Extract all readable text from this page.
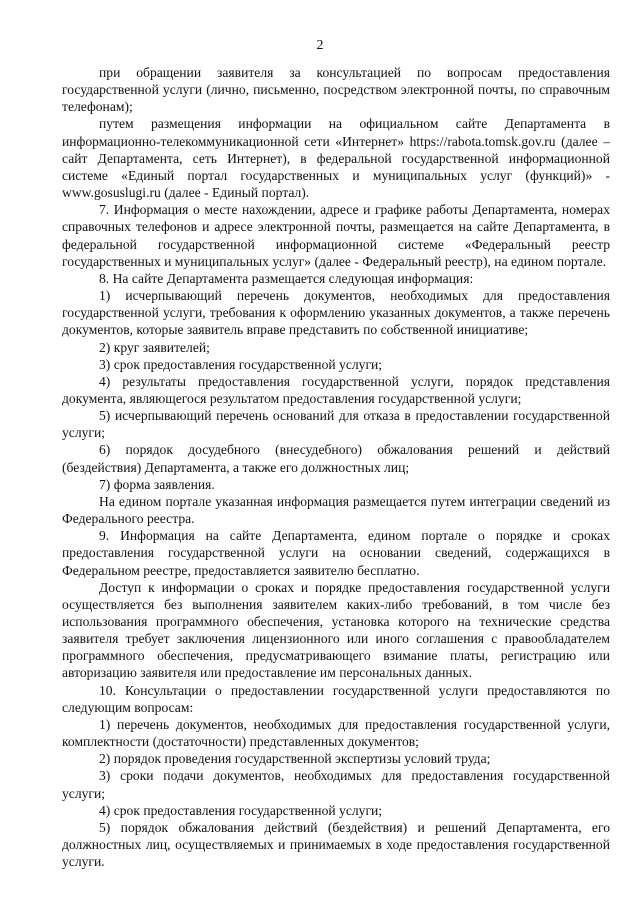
2

при обращении заявителя за консультацией по вопросам предоставления государственной услуги (лично, письменно, посредством электронной почты, по справочным телефонам);

путем размещения информации на официальном сайте Департамента в информационно-телекоммуникационной сети «Интернет» https://rabota.tomsk.gov.ru (далее – сайт Департамента, сеть Интернет), в федеральной государственной информационной системе «Единый портал государственных и муниципальных услуг (функций)» - www.gosuslugi.ru (далее - Единый портал).

7. Информация о месте нахождении, адресе и графике работы Департамента, номерах справочных телефонов и адресе электронной почты, размещается на сайте Департамента, в федеральной государственной информационной системе «Федеральный реестр государственных и муниципальных услуг» (далее - Федеральный реестр), на едином портале.

8. На сайте Департамента размещается следующая информация:

1) исчерпывающий перечень документов, необходимых для предоставления государственной услуги, требования к оформлению указанных документов, а также перечень документов, которые заявитель вправе представить по собственной инициативе;

2) круг заявителей;

3) срок предоставления государственной услуги;

4) результаты предоставления государственной услуги, порядок представления документа, являющегося результатом предоставления государственной услуги;

5) исчерпывающий перечень оснований для отказа в предоставлении государственной услуги;

6) порядок досудебного (внесудебного) обжалования решений и действий (бездействия) Департамента, а также его должностных лиц;

7) форма заявления.

На едином портале указанная информация размещается путем интеграции сведений из Федерального реестра.

9. Информация на сайте Департамента, едином портале о порядке и сроках предоставления государственной услуги на основании сведений, содержащихся в Федеральном реестре, предоставляется заявителю бесплатно.

Доступ к информации о сроках и порядке предоставления государственной услуги осуществляется без выполнения заявителем каких-либо требований, в том числе без использования программного обеспечения, установка которого на технические средства заявителя требует заключения лицензионного или иного соглашения с правообладателем программного обеспечения, предусматривающего взимание платы, регистрацию или авторизацию заявителя или предоставление им персональных данных.

10. Консультации о предоставлении государственной услуги предоставляются по следующим вопросам:

1) перечень документов, необходимых для предоставления государственной услуги, комплектности (достаточности) представленных документов;

2) порядок проведения государственной экспертизы условий труда;

3) сроки подачи документов, необходимых для предоставления государственной услуги;

4) срок предоставления государственной услуги;

5) порядок обжалования действий (бездействия) и решений Департамента, его должностных лиц, осуществляемых и принимаемых в ходе предоставления государственной услуги.
